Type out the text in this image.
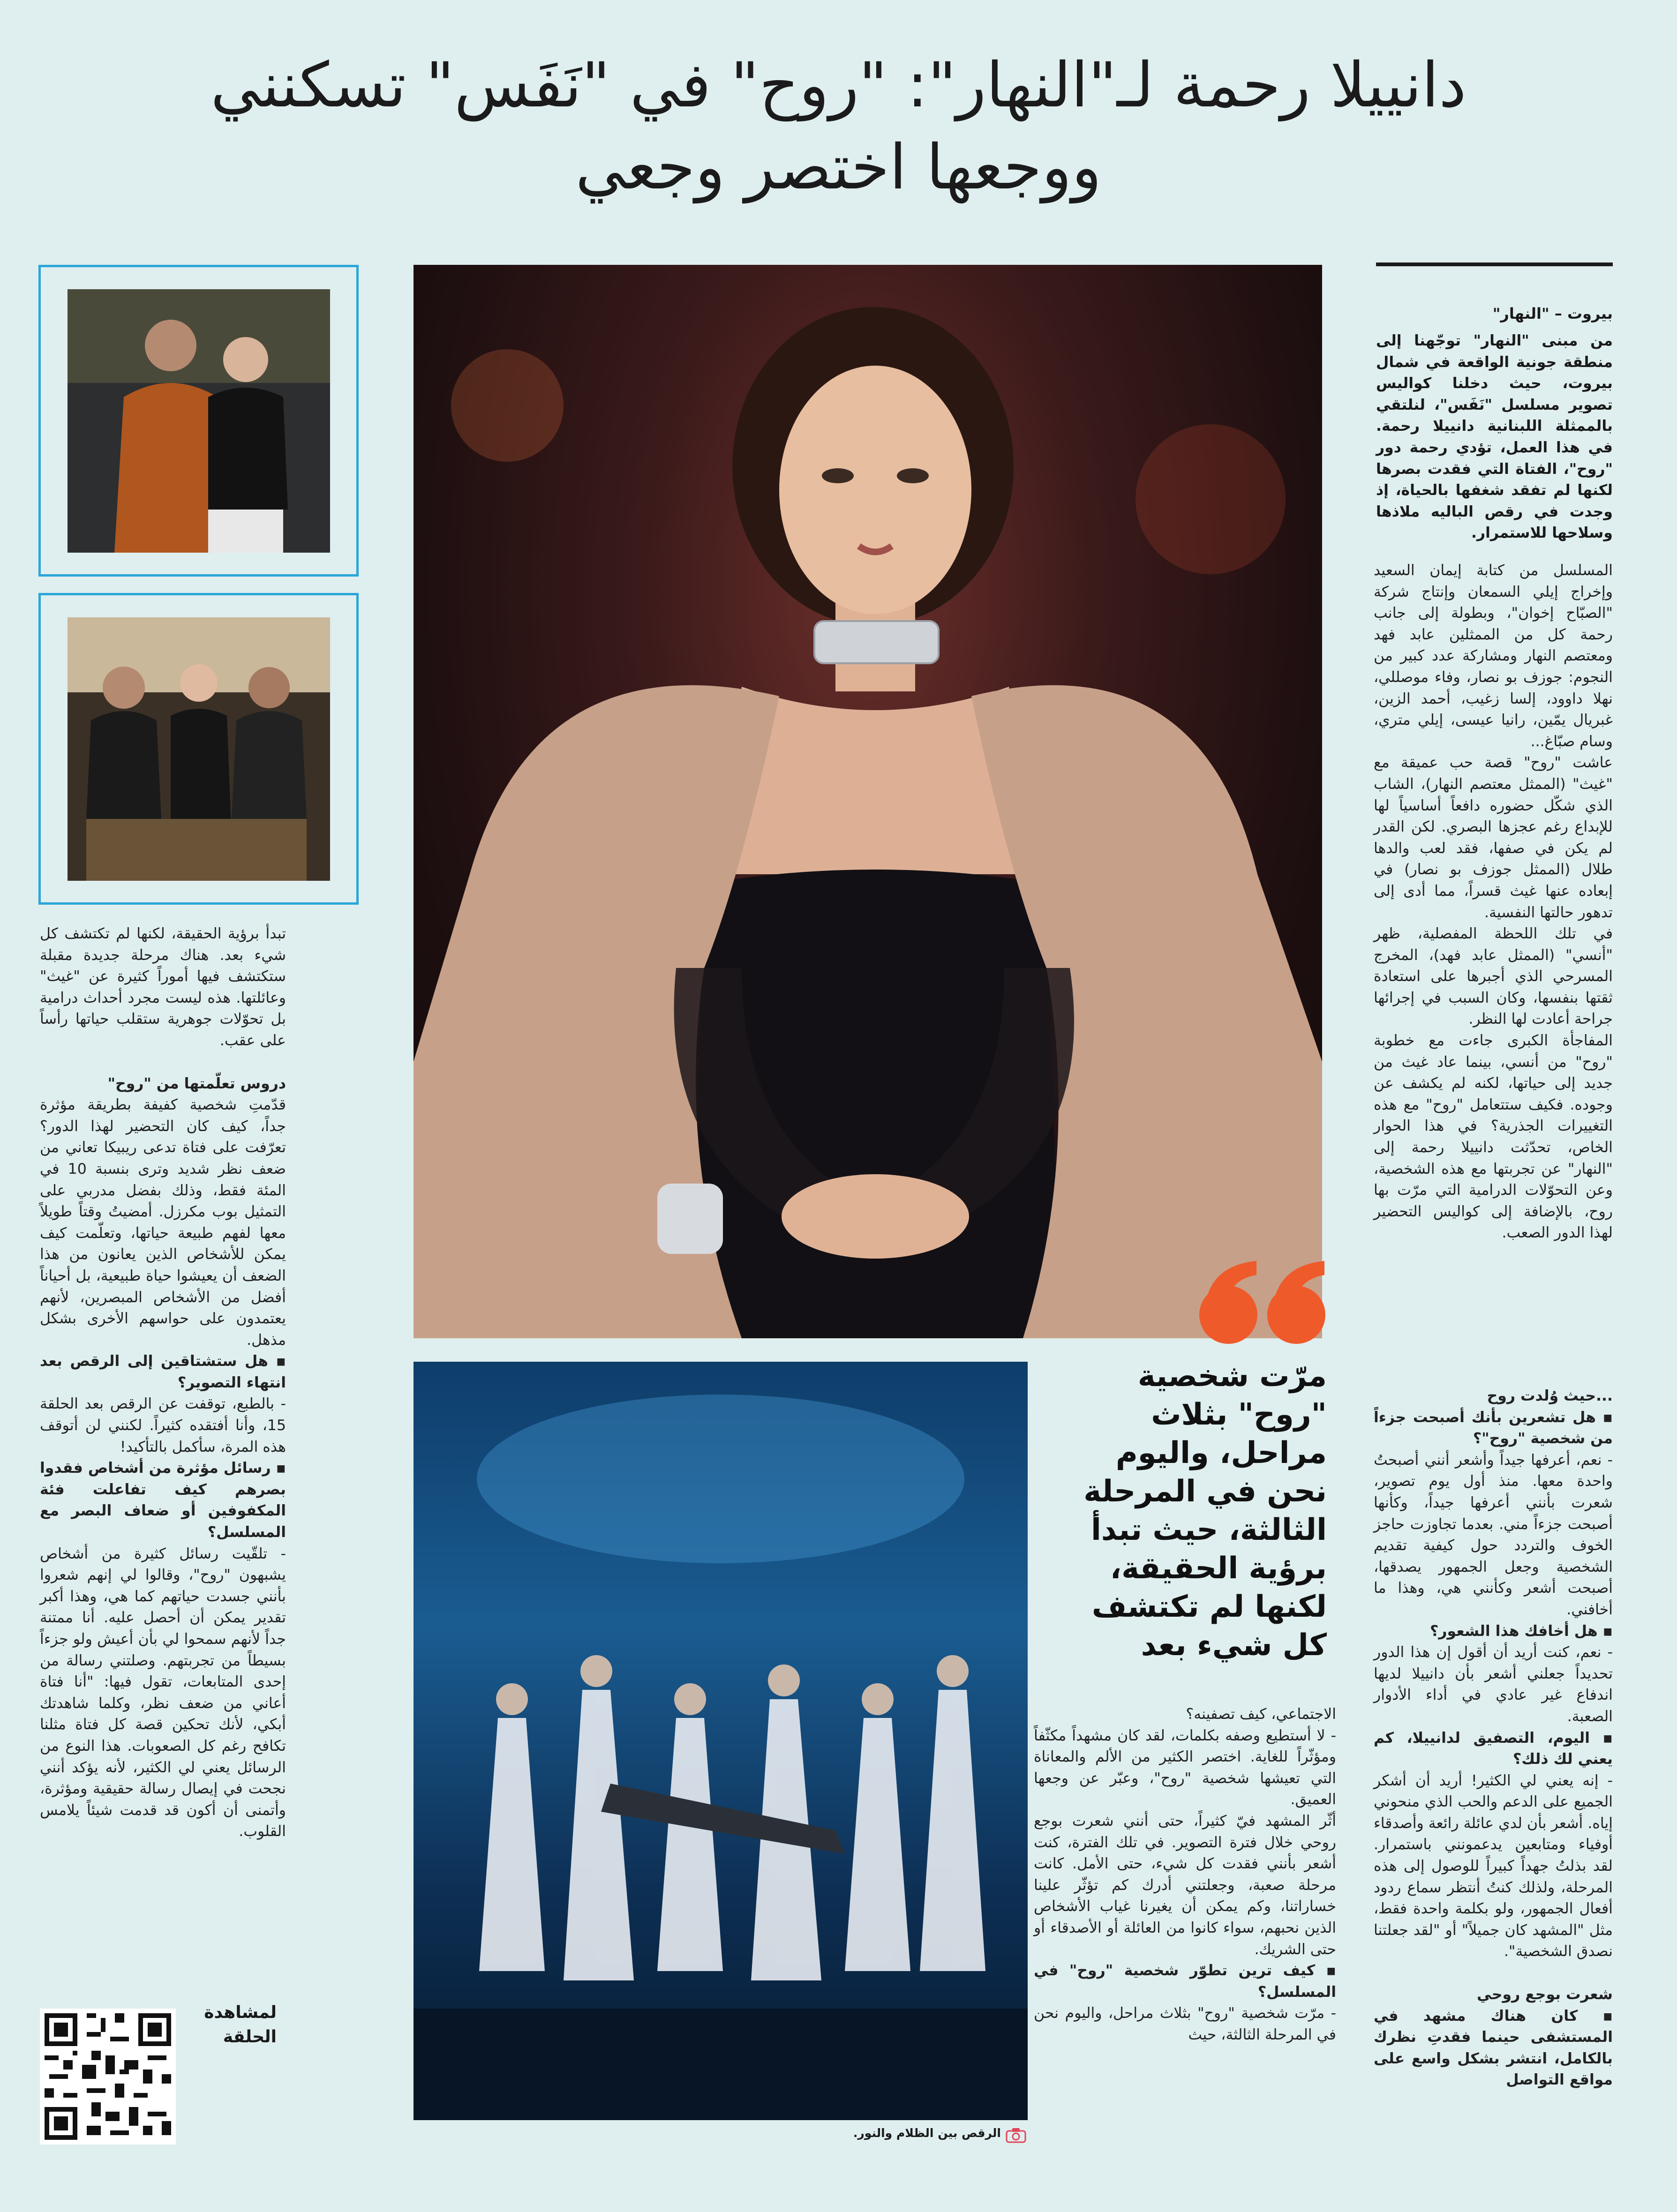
دانييلا رحمة لـ"النهار": "روح" في "نَفَس" تسكنني
ووجعها اختصر وجعي
بيروت – "النهار"
من مبنى "النهار" توجّهنا إلى منطقة جونية الواقعة في شمال بيروت، حيث دخلنا كواليس تصوير مسلسل "نَفَس"، لنلتقي بالممثلة اللبنانية دانييلا رحمة. في هذا العمل، تؤدي رحمة دور "روح"، الفتاة التي فقدت بصرها لكنها لم تفقد شغفها بالحياة، إذ وجدت في رقص الباليه ملاذها وسلاحها للاستمرار.

المسلسل من كتابة إيمان السعيد وإخراج إيلي السمعان وإنتاج شركة "الصبّاح إخوان"، وبطولة إلى جانب رحمة كل من الممثلين عابد فهد ومعتصم النهار ومشاركة عدد كبير من النجوم: جوزف بو نصار، وفاء موصللي، نهلا داوود، إلسا زغيب، أحمد الزين، غبريال يمّين، رانيا عيسى، إيلي متري، وسام صبّاغ...

عاشت "روح" قصة حب عميقة مع "غيث" (الممثل معتصم النهار)، الشاب الذي شكّل حضوره دافعاً أساسياً لها للإبداع رغم عجزها البصري. لكن القدر لم يكن في صفها، فقد لعب والدها طلال (الممثل جوزف بو نصار) في إبعاده عنها غيث قسراً، مما أدى إلى تدهور حالتها النفسية.

في تلك اللحظة المفصلية، ظهر "أنسي" (الممثل عابد فهد)، المخرج المسرحي الذي أجبرها على استعادة ثقتها بنفسها، وكان السبب في إجرائها جراحة أعادت لها النظر.

المفاجأة الكبرى جاءت مع خطوبة "روح" من أنسي، بينما عاد غيث من جديد إلى حياتها، لكنه لم يكشف عن وجوده. فكيف ستتعامل "روح" مع هذه التغييرات الجذرية؟ في هذا الحوار الخاص، تحدّثت دانييلا رحمة إلى "النهار" عن تجربتها مع هذه الشخصية، وعن التحوّلات الدرامية التي مرّت بها روح، بالإضافة إلى كواليس التحضير لهذا الدور الصعب.

...حيث وُلدت روح

▪ هل تشعرين بأنك أصبحت جزءاً من شخصية "روح"؟

- نعم، أعرفها جيداً وأشعر أنني أصبحتُ واحدة معها. منذ أول يوم تصوير، شعرت بأنني أعرفها جيداً، وكأنها أصبحت جزءاً مني. بعدما تجاوزت حاجز الخوف والتردد حول كيفية تقديم الشخصية وجعل الجمهور يصدقها، أصبحت أشعر وكأنني هي، وهذا ما أخافني.

▪ هل أخافك هذا الشعور؟

- نعم، كنت أريد أن أقول إن هذا الدور تحديداً جعلني أشعر بأن دانييلا لديها اندفاع غير عادي في أداء الأدوار الصعبة.

▪ اليوم، التصفيق لدانييلا، كم يعني لك ذلك؟

- إنه يعني لي الكثير! أريد أن أشكر الجميع على الدعم والحب الذي منحوني إياه. أشعر بأن لدي عائلة رائعة وأصدقاء أوفياء ومتابعين يدعمونني باستمرار. لقد بذلتُ جهداً كبيراً للوصول إلى هذه المرحلة، ولذلك كنتُ أنتظر سماع ردود أفعال الجمهور، ولو بكلمة واحدة فقط، مثل "المشهد كان جميلاً" أو "لقد جعلتنا نصدق الشخصية".

شعرت بوجع روحي

▪ كان هناك مشهد في المستشفى حينما فقدتِ نظرك بالكامل، انتشر بشكل واسع على مواقع التواصل

الاجتماعي، كيف تصفينه؟

- لا أستطيع وصفه بكلمات، لقد كان مشهداً مكثّفاً ومؤثّراً للغاية. اختصر الكثير من الألم والمعاناة التي تعيشها شخصية "روح"، وعبّر عن وجعها العميق.

أثّر المشهد فيّ كثيراً، حتى أنني شعرت بوجع روحي خلال فترة التصوير. في تلك الفترة، كنت أشعر بأنني فقدت كل شيء، حتى الأمل. كانت مرحلة صعبة، وجعلتني أدرك كم تؤثّر علينا خساراتنا، وكم يمكن أن يغيرنا غياب الأشخاص الذين نحبهم، سواء كانوا من العائلة أو الأصدقاء أو حتى الشريك.

▪ كيف ترين تطوّر شخصية "روح" في المسلسل؟

- مرّت شخصية "روح" بثلاث مراحل، واليوم نحن في المرحلة الثالثة، حيث

تبدأ برؤية الحقيقة، لكنها لم تكتشف كل شيء بعد. هناك مرحلة جديدة مقبلة ستكتشف فيها أموراً كثيرة عن "غيث" وعائلتها. هذه ليست مجرد أحداث درامية بل تحوّلات جوهرية ستقلب حياتها رأساً على عقب.

دروس تعلّمتها من "روح"

قدّمتِ شخصية كفيفة بطريقة مؤثرة جداً، كيف كان التحضير لهذا الدور؟ تعرّفت على فتاة تدعى ريبيكا تعاني من ضعف نظر شديد وترى بنسبة 10 في المئة فقط، وذلك بفضل مدربي على التمثيل بوب مكرزل. أمضيتُ وقتاً طويلاً معها لفهم طبيعة حياتها، وتعلّمت كيف يمكن للأشخاص الذين يعانون من هذا الضعف أن يعيشوا حياة طبيعية، بل أحياناً أفضل من الأشخاص المبصرين، لأنهم يعتمدون على حواسهم الأخرى بشكل مذهل.

▪ هل ستشتاقين إلى الرقص بعد انتهاء التصوير؟

- بالطبع، توقفت عن الرقص بعد الحلقة 15، وأنا أفتقده كثيراً. لكنني لن أتوقف هذه المرة، سأكمل بالتأكيد!

▪ رسائل مؤثرة من أشخاص فقدوا بصرهم كيف تفاعلت فئة المكفوفين أو ضعاف البصر مع المسلسل؟

- تلقّيت رسائل كثيرة من أشخاص يشبهون "روح"، وقالوا لي إنهم شعروا بأنني جسدت حياتهم كما هي، وهذا أكبر تقدير يمكن أن أحصل عليه. أنا ممتنة جداً لأنهم سمحوا لي بأن أعيش ولو جزءاً بسيطاً من تجربتهم. وصلتني رسالة من إحدى المتابعات، تقول فيها: "أنا فتاة أعاني من ضعف نظر، وكلما شاهدتك أبكي، لأنك تحكين قصة كل فتاة مثلنا تكافح رغم كل الصعوبات. هذا النوع من الرسائل يعني لي الكثير، لأنه يؤكد أنني نجحت في إيصال رسالة حقيقية ومؤثرة، وأتمنى أن أكون قد قدمت شيئاً يلامس القلوب.

مرّت شخصية "روح" بثلاث مراحل، واليوم نحن في المرحلة الثالثة، حيث تبدأ برؤية الحقيقة، لكنها لم تكتشف كل شيء بعد
الرقص بين الظلام والنور.
لمشاهدة الحلقة
